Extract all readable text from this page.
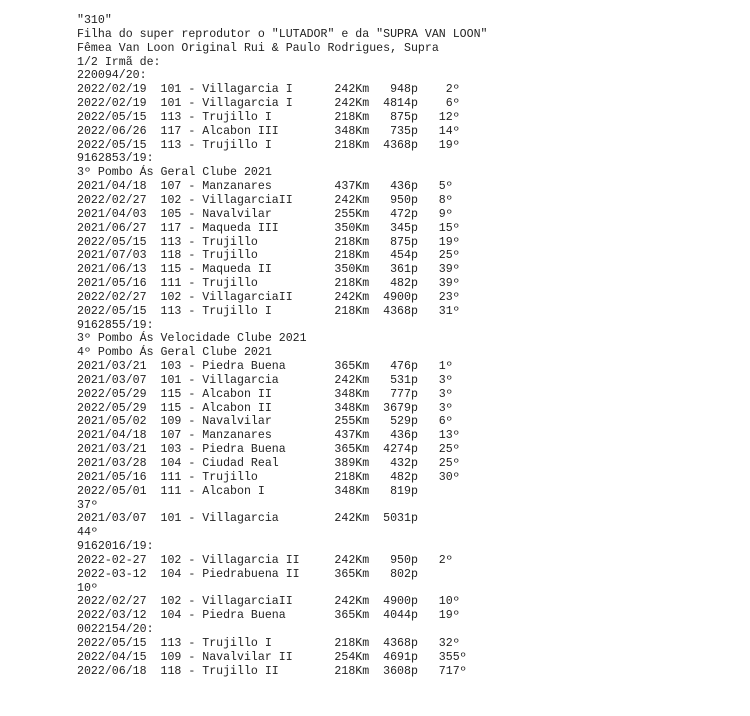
"310"
Filha do super reprodutor o "LUTADOR" e da "SUPRA VAN LOON"
Fêmea Van Loon Original Rui & Paulo Rodrigues, Supra
1/2 Irmã de:
220094/20:
2022/02/19  101 - Villagarcia I      242Km   948p    2º
2022/02/19  101 - Villagarcia I      242Km  4814p    6º
2022/05/15  113 - Trujillo I         218Km   875p   12º
2022/06/26  117 - Alcabon III        348Km   735p   14º
2022/05/15  113 - Trujillo I         218Km  4368p   19º
9162853/19:
3º Pombo Ás Geral Clube 2021
2021/04/18  107 - Manzanares         437Km   436p   5º
2022/02/27  102 - VillagarciaII      242Km   950p   8º
2021/04/03  105 - Navalvilar         255Km   472p   9º
2021/06/27  117 - Maqueda III        350Km   345p   15º
2022/05/15  113 - Trujillo           218Km   875p   19º
2021/07/03  118 - Trujillo           218Km   454p   25º
2021/06/13  115 - Maqueda II         350Km   361p   39º
2021/05/16  111 - Trujillo           218Km   482p   39º
2022/02/27  102 - VillagarciaII      242Km  4900p   23º
2022/05/15  113 - Trujillo I         218Km  4368p   31º
9162855/19:
3º Pombo Ás Velocidade Clube 2021
4º Pombo Ás Geral Clube 2021
2021/03/21  103 - Piedra Buena       365Km   476p   1º
2021/03/07  101 - Villagarcia        242Km   531p   3º
2022/05/29  115 - Alcabon II         348Km   777p   3º
2022/05/29  115 - Alcabon II         348Km  3679p   3º
2021/05/02  109 - Navalvilar         255Km   529p   6º
2021/04/18  107 - Manzanares         437Km   436p   13º
2021/03/21  103 - Piedra Buena       365Km  4274p   25º
2021/03/28  104 - Ciudad Real        389Km   432p   25º
2021/05/16  111 - Trujillo           218Km   482p   30º
2022/05/01  111 - Alcabon I          348Km   819p
37º
2021/03/07  101 - Villagarcia        242Km  5031p
44º
9162016/19:
2022-02-27  102 - Villagarcia II     242Km   950p   2º
2022-03-12  104 - Piedrabuena II     365Km   802p
10º
2022/02/27  102 - VillagarciaII      242Km  4900p   10º
2022/03/12  104 - Piedra Buena       365Km  4044p   19º
0022154/20:
2022/05/15  113 - Trujillo I         218Km  4368p   32º
2022/04/15  109 - Navalvilar II      254Km  4691p   355º
2022/06/18  118 - Trujillo II        218Km  3608p   717º
